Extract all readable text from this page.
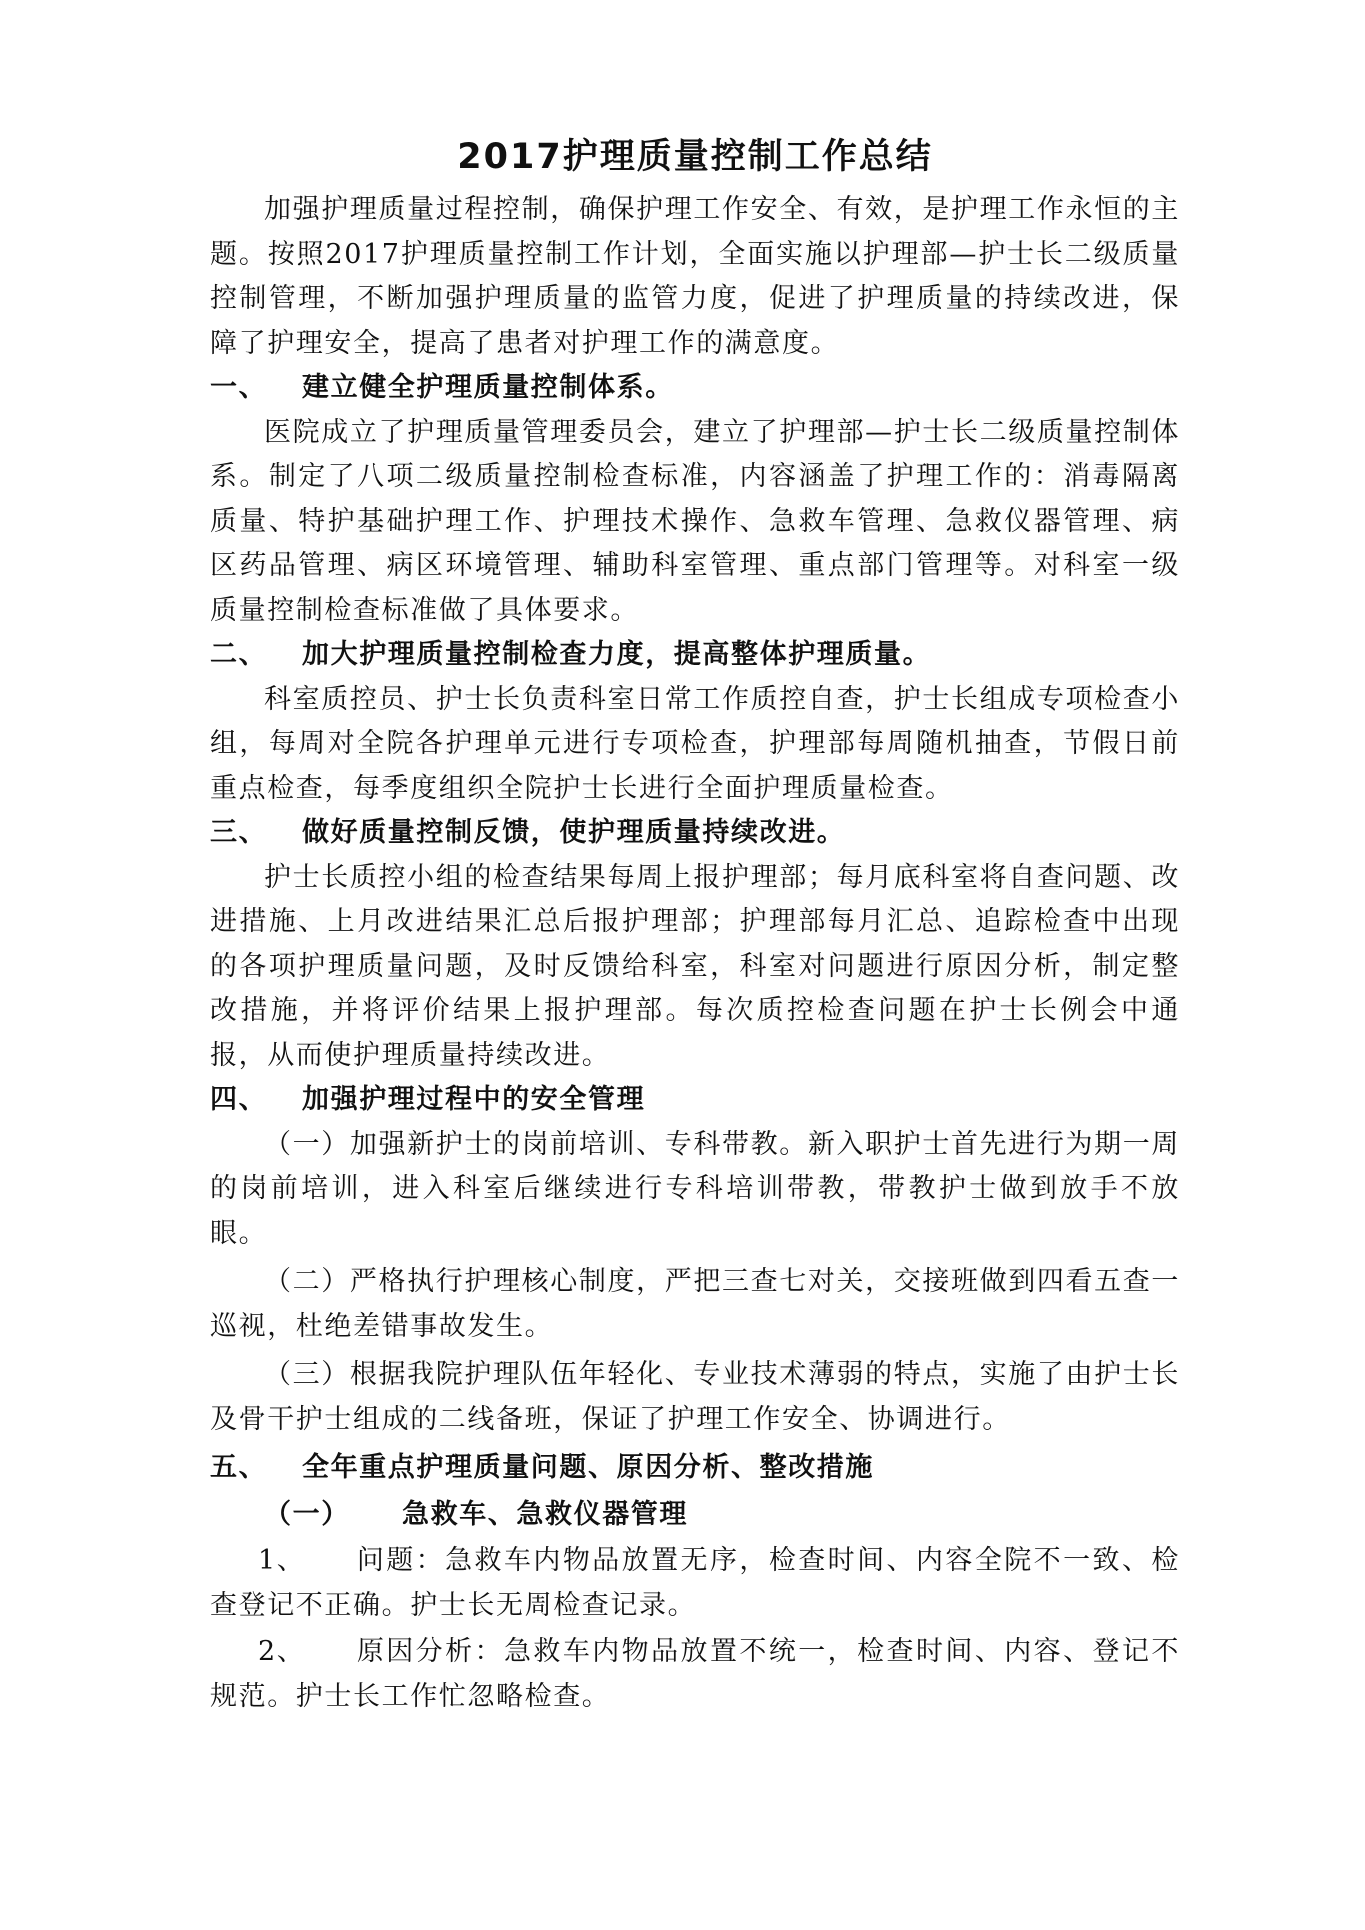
2017护理质量控制工作总结

加强护理质量过程控制，确保护理工作安全、有效，是护理工作永恒的主题。按照2017护理质量控制工作计划，全面实施以护理部—护士长二级质量控制管理，不断加强护理质量的监管力度，促进了护理质量的持续改进，保障了护理安全，提高了患者对护理工作的满意度。

一、 建立健全护理质量控制体系。

医院成立了护理质量管理委员会，建立了护理部—护士长二级质量控制体系。制定了八项二级质量控制检查标准，内容涵盖了护理工作的：消毒隔离质量、特护基础护理工作、护理技术操作、急救车管理、急救仪器管理、病区药品管理、病区环境管理、辅助科室管理、重点部门管理等。对科室一级质量控制检查标准做了具体要求。

二、 加大护理质量控制检查力度，提高整体护理质量。

科室质控员、护士长负责科室日常工作质控自查，护士长组成专项检查小组，每周对全院各护理单元进行专项检查，护理部每周随机抽查，节假日前重点检查，每季度组织全院护士长进行全面护理质量检查。

三、 做好质量控制反馈，使护理质量持续改进。

护士长质控小组的检查结果每周上报护理部；每月底科室将自查问题、改进措施、上月改进结果汇总后报护理部；护理部每月汇总、追踪检查中出现的各项护理质量问题，及时反馈给科室，科室对问题进行原因分析，制定整改措施，并将评价结果上报护理部。每次质控检查问题在护士长例会中通报，从而使护理质量持续改进。

四、 加强护理过程中的安全管理

（一）加强新护士的岗前培训、专科带教。新入职护士首先进行为期一周的岗前培训，进入科室后继续进行专科培训带教，带教护士做到放手不放眼。

（二）严格执行护理核心制度，严把三查七对关，交接班做到四看五查一巡视，杜绝差错事故发生。

（三）根据我院护理队伍年轻化、专业技术薄弱的特点，实施了由护士长及骨干护士组成的二线备班，保证了护理工作安全、协调进行。

五、 全年重点护理质量问题、原因分析、整改措施
（一） 急救车、急救仪器管理

1、 问题：急救车内物品放置无序，检查时间、内容全院不一致、检查登记不正确。护士长无周检查记录。

2、 原因分析：急救车内物品放置不统一，检查时间、内容、登记不规范。护士长工作忙忽略检查。
